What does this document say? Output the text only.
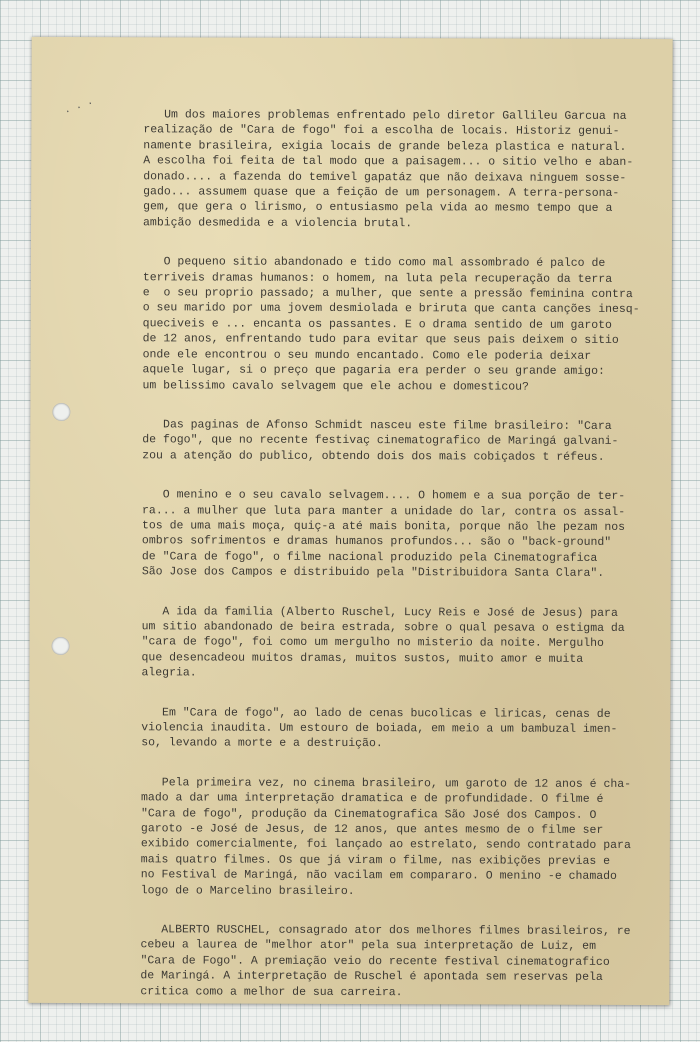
· · ·	Um dos maiores problemas enfrentado pelo diretor Gallileu Garcua na
realização de "Cara de fogo" foi a escolha de locais. Historiz genui-
namente brasileira, exigia locais de grande beleza plastica e natural.
A escolha foi feita de tal modo que a paisagem... o sitio velho e aban-
donado.... a fazenda do temivel gapatáz que não deixava ninguem sosse-
gado... assumem quase que a feição de um personagem. A terra-persona-
gem, que gera o lirismo, o entusiasmo pela vida ao mesmo tempo que a
ambição desmedida e a violencia brutal.

O pequeno sitio abandonado e tido como mal assombrado é palco de
terriveis dramas humanos: o homem, na luta pela recuperação da terra
e  o seu proprio passado; a mulher, que sente a pressão feminina contra
o seu marido por uma jovem desmiolada e briruta que canta canções inesq-
queciveis e ... encanta os passantes. E o drama sentido de um garoto
de 12 anos, enfrentando tudo para evitar que seus pais deixem o sitio
onde ele encontrou o seu mundo encantado. Como ele poderia deixar
aquele lugar, si o preço que pagaria era perder o seu grande amigo:
um belissimo cavalo selvagem que ele achou e domesticou?

Das paginas de Afonso Schmidt nasceu este filme brasileiro: "Cara
de fogo", que no recente festivaç cinematografico de Maringá galvani-
zou a atenção do publico, obtendo dois dos mais cobiçados t réfeus.

O menino e o seu cavalo selvagem.... O homem e a sua porção de ter-
ra... a mulher que luta para manter a unidade do lar, contra os assal-
tos de uma mais moça, quiç-a até mais bonita, porque não lhe pezam nos
ombros sofrimentos e dramas humanos profundos... são o "back-ground"
de "Cara de fogo", o filme nacional produzido pela Cinematografica
São Jose dos Campos e distribuido pela "Distribuidora Santa Clara".

A ida da familia (Alberto Ruschel, Lucy Reis e José de Jesus) para
um sitio abandonado de beira estrada, sobre o qual pesava o estigma da
"cara de fogo", foi como um mergulho no misterio da noite. Mergulho
que desencadeou muitos dramas, muitos sustos, muito amor e muita
alegria.

Em "Cara de fogo", ao lado de cenas bucolicas e liricas, cenas de
violencia inaudita. Um estouro de boiada, em meio a um bambuzal imen-
so, levando a morte e a destruição.

Pela primeira vez, no cinema brasileiro, um garoto de 12 anos é cha-
mado a dar uma interpretação dramatica e de profundidade. O filme é
"Cara de fogo", produção da Cinematografica São José dos Campos. O
garoto -e José de Jesus, de 12 anos, que antes mesmo de o filme ser
exibido comercialmente, foi lançado ao estrelato, sendo contratado para
mais quatro filmes. Os que já viram o filme, nas exibições previas e
no Festival de Maringá, não vacilam em compararo. O menino -e chamado
logo de o Marcelino brasileiro.

ALBERTO RUSCHEL, consagrado ator dos melhores filmes brasileiros, re
cebeu a laurea de "melhor ator" pela sua interpretação de Luiz, em
"Cara de Fogo". A premiação veio do recente festival cinematografico
de Maringá. A interpretação de Ruschel é apontada sem reservas pela
critica como a melhor de sua carreira.
